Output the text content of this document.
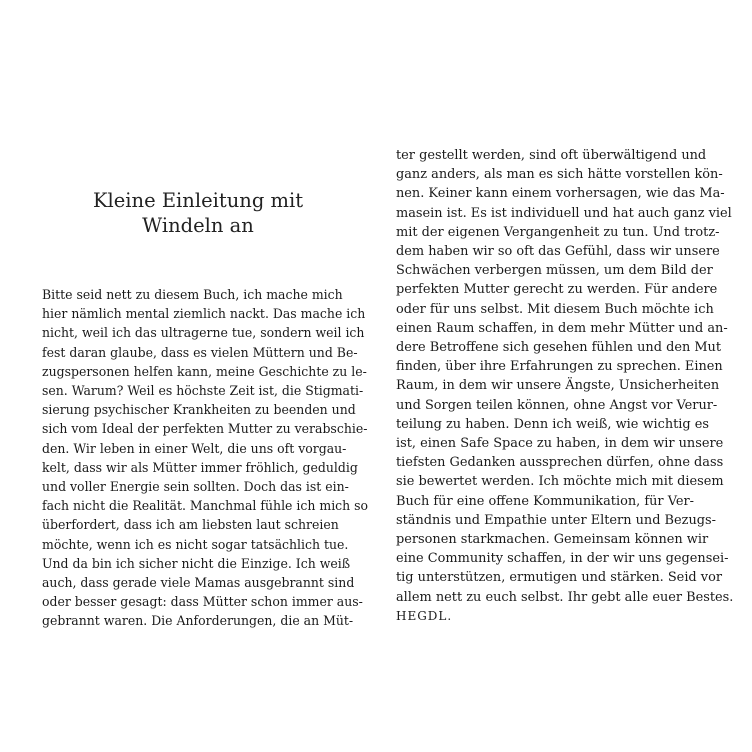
Kleine Einleitung mit
Windeln an
Bitte seid nett zu diesem Buch, ich mache mich
hier nämlich mental ziemlich nackt. Das mache ich
nicht, weil ich das ultragerne tue, sondern weil ich
fest daran glaube, dass es vielen Müttern und Be-
zugspersonen helfen kann, meine Geschichte zu le-
sen. Warum? Weil es höchste Zeit ist, die Stigmati-
sierung psychischer Krankheiten zu beenden und
sich vom Ideal der perfekten Mutter zu verabschie-
den. Wir leben in einer Welt, die uns oft vorgau-
kelt, dass wir als Mütter immer fröhlich, geduldig
und voller Energie sein sollten. Doch das ist ein-
fach nicht die Realität. Manchmal fühle ich mich so
überfordert, dass ich am liebsten laut schreien
möchte, wenn ich es nicht sogar tatsächlich tue.
Und da bin ich sicher nicht die Einzige. Ich weiß
auch, dass gerade viele Mamas ausgebrannt sind
oder besser gesagt: dass Mütter schon immer aus-
gebrannt waren. Die Anforderungen, die an Müt-
ter gestellt werden, sind oft überwältigend und
ganz anders, als man es sich hätte vorstellen kön-
nen. Keiner kann einem vorhersagen, wie das Ma-
masein ist. Es ist individuell und hat auch ganz viel
mit der eigenen Vergangenheit zu tun. Und trotz-
dem haben wir so oft das Gefühl, dass wir unsere
Schwächen verbergen müssen, um dem Bild der
perfekten Mutter gerecht zu werden. Für andere
oder für uns selbst. Mit diesem Buch möchte ich
einen Raum schaffen, in dem mehr Mütter und an-
dere Betroffene sich gesehen fühlen und den Mut
finden, über ihre Erfahrungen zu sprechen. Einen
Raum, in dem wir unsere Ängste, Unsicherheiten
und Sorgen teilen können, ohne Angst vor Verur-
teilung zu haben. Denn ich weiß, wie wichtig es
ist, einen Safe Space zu haben, in dem wir unsere
tiefsten Gedanken aussprechen dürfen, ohne dass
sie bewertet werden. Ich möchte mich mit diesem
Buch für eine offene Kommunikation, für Ver-
ständnis und Empathie unter Eltern und Bezugs-
personen starkmachen. Gemeinsam können wir
eine Community schaffen, in der wir uns gegensei-
tig unterstützen, ermutigen und stärken. Seid vor
allem nett zu euch selbst. Ihr gebt alle euer Bestes.
HEGDL.
